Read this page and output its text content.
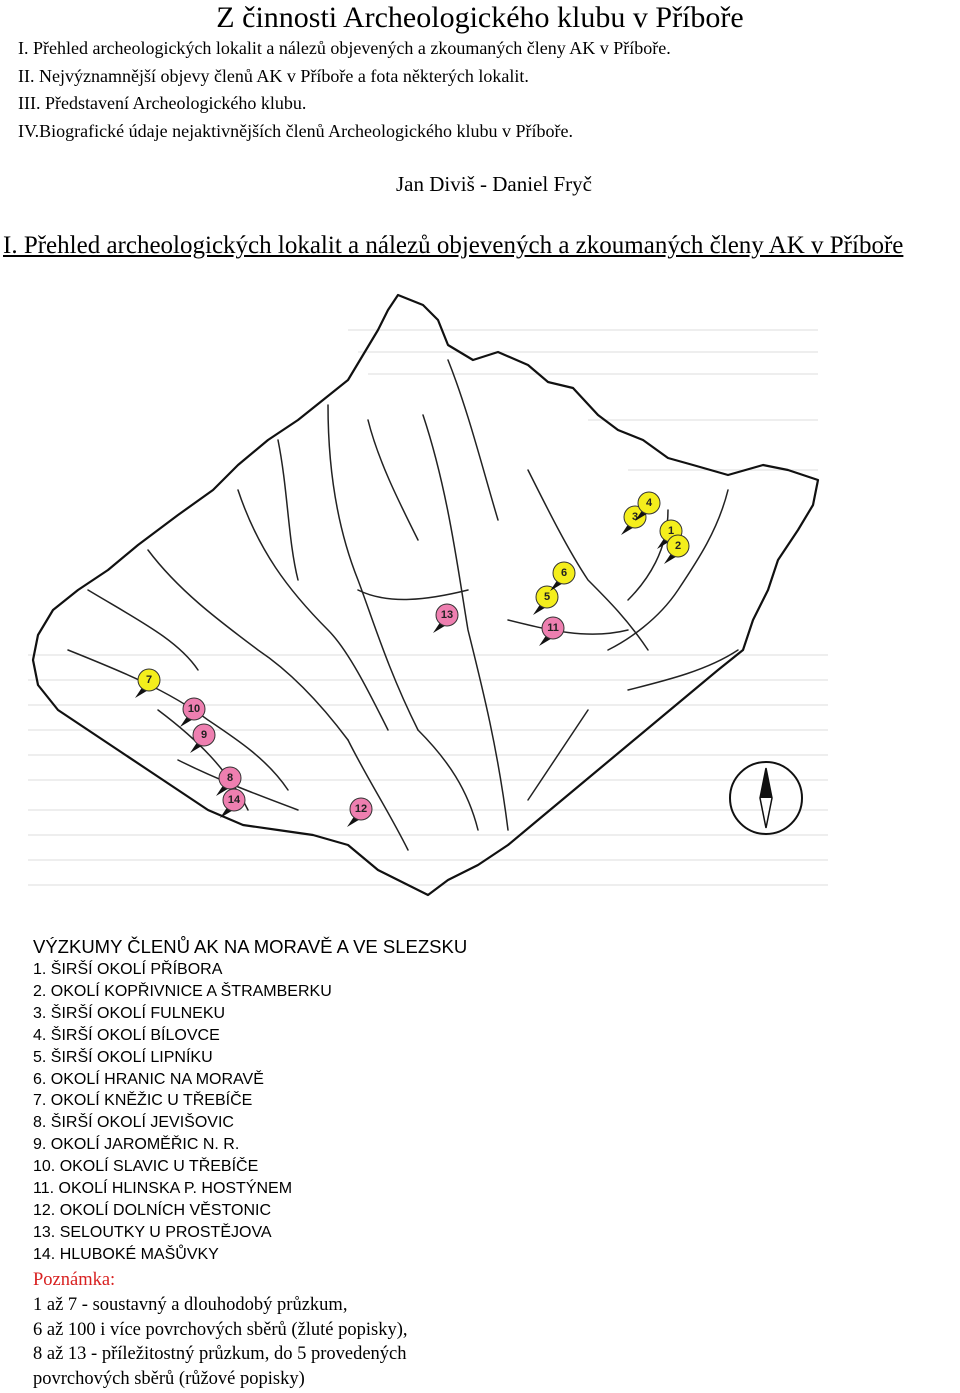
Z činnosti Archeologického klubu v Příboře
I. Přehled archeologických lokalit a nálezů objevených a zkoumaných členy AK v Příboře.
II. Nejvýznamnější objevy členů AK v Příboře a fota některých lokalit.
III. Představení Archeologického klubu.
IV.Biografické údaje nejaktivnějších členů Archeologického klubu v Příboře.

Jan Diviš - Daniel Fryč

I. Přehled archeologických lokalit a nálezů objevených a zkoumaných členy AK v Příboře
1
2
3
4
5
6
7
8
9
10
11
12
13
14
VÝZKUMY ČLENŮ AK NA MORAVĚ A VE SLEZSKU
1. ŠIRŠÍ OKOLÍ PŘÍBORA
2. OKOLÍ KOPŘIVNICE A ŠTRAMBERKU
3. ŠIRŠÍ OKOLÍ FULNEKU
4. ŠIRŠÍ OKOLÍ BÍLOVCE
5. ŠIRŠÍ OKOLÍ LIPNÍKU
6. OKOLÍ HRANIC NA MORAVĚ
7. OKOLÍ KNĚŽIC U TŘEBÍČE
8. ŠIRŠÍ OKOLÍ JEVIŠOVIC
9. OKOLÍ JAROMĚŘIC N. R.
10. OKOLÍ SLAVIC U TŘEBÍČE
11. OKOLÍ HLINSKA P. HOSTÝNEM
12. OKOLÍ DOLNÍCH VĚSTONIC
13. SELOUTKY U PROSTĚJOVA
14. HLUBOKÉ MAŠŮVKY

Poznámka:

1 až 7 - soustavný a dlouhodobý průzkum,
6 až 100 i více povrchových sběrů (žluté popisky),
8 až 13 - příležitostný průzkum, do 5 provedených
povrchových sběrů (růžové popisky)
